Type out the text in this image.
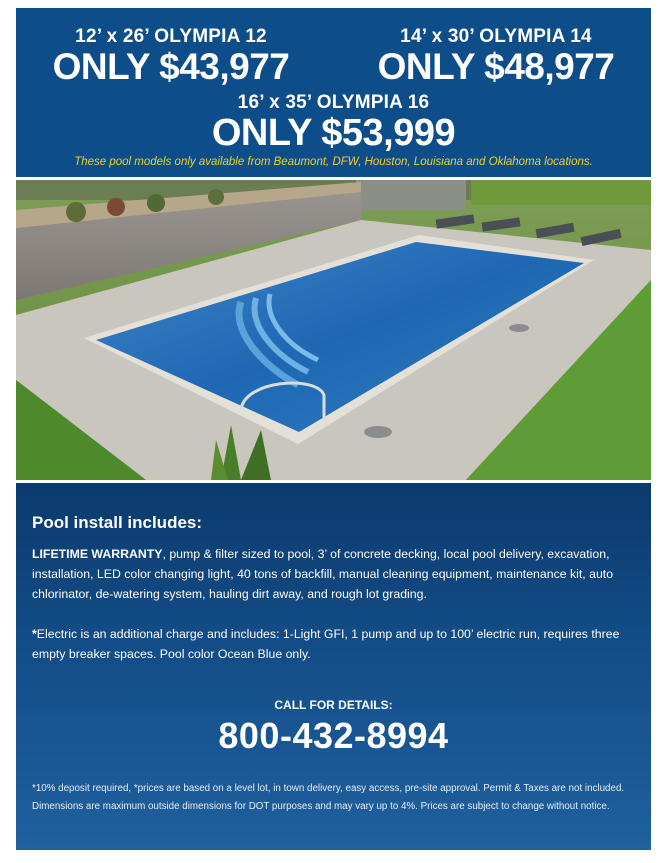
12’ x 26’ OLYMPIA 12
ONLY $43,977
14’ x 30’ OLYMPIA 14
ONLY $48,977
16’ x 35’ OLYMPIA 16
ONLY $53,999
These pool models only available from Beaumont, DFW, Houston, Louisiana and Oklahoma locations.
Pool install includes:
LIFETIME WARRANTY, pump & filter sized to pool, 3’ of concrete decking, local pool delivery, excavation, installation, LED color changing light, 40 tons of backfill, manual cleaning equipment, maintenance kit, auto chlorinator, de-watering system, hauling dirt away, and rough lot grading.
*Electric is an additional charge and includes: 1-Light GFI, 1 pump and up to 100’ electric run, requires three empty breaker spaces. Pool color Ocean Blue only.
CALL FOR DETAILS:
800-432-8994
*10% deposit required, *prices are based on a level lot, in town delivery, easy access, pre-site approval. Permit & Taxes are not included. Dimensions are maximum outside dimensions for DOT purposes and may vary up to 4%. Prices are subject to change without notice.
